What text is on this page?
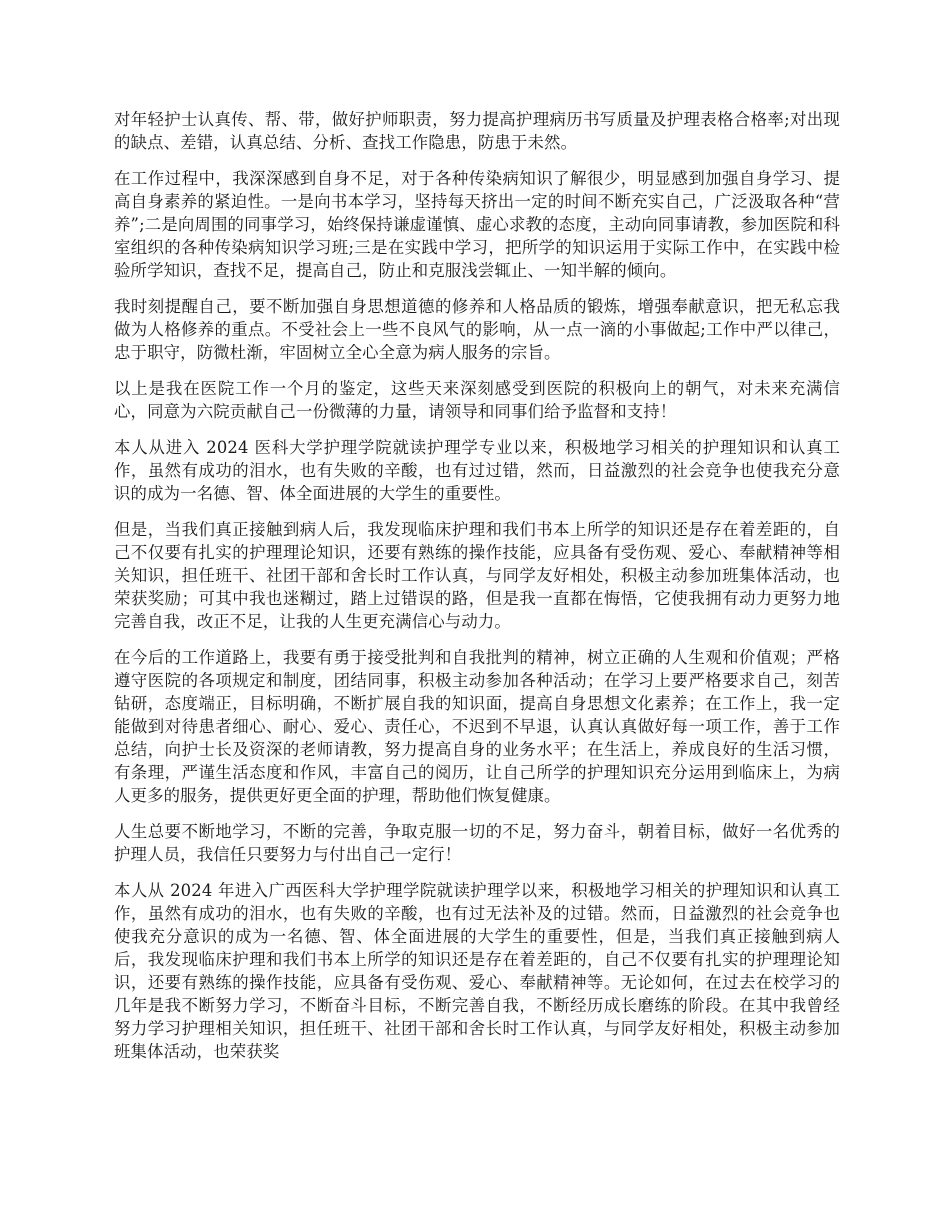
对年轻护士认真传、帮、带，做好护师职责，努力提高护理病历书写质量及护理表格合格率;对出现的缺点、差错，认真总结、分析、查找工作隐患，防患于未然。

在工作过程中，我深深感到自身不足，对于各种传染病知识了解很少，明显感到加强自身学习、提高自身素养的紧迫性。一是向书本学习，坚持每天挤出一定的时间不断充实自己，广泛汲取各种“营养”;二是向周围的同事学习，始终保持谦虚谨慎、虚心求教的态度，主动向同事请教，参加医院和科室组织的各种传染病知识学习班;三是在实践中学习，把所学的知识运用于实际工作中，在实践中检验所学知识，查找不足，提高自己，防止和克服浅尝辄止、一知半解的倾向。

我时刻提醒自己，要不断加强自身思想道德的修养和人格品质的锻炼，增强奉献意识，把无私忘我做为人格修养的重点。不受社会上一些不良风气的影响，从一点一滴的小事做起;工作中严以律己，忠于职守，防微杜渐，牢固树立全心全意为病人服务的宗旨。

以上是我在医院工作一个月的鉴定，这些天来深刻感受到医院的积极向上的朝气，对未来充满信心，同意为六院贡献自己一份微薄的力量，请领导和同事们给予监督和支持！

本人从进入 2024 医科大学护理学院就读护理学专业以来，积极地学习相关的护理知识和认真工作，虽然有成功的泪水，也有失败的辛酸，也有过过错，然而，日益激烈的社会竞争也使我充分意识的成为一名德、智、体全面进展的大学生的重要性。

但是，当我们真正接触到病人后，我发现临床护理和我们书本上所学的知识还是存在着差距的，自己不仅要有扎实的护理理论知识，还要有熟练的操作技能，应具备有受伤观、爱心、奉献精神等相关知识，担任班干、社团干部和舍长时工作认真，与同学友好相处，积极主动参加班集体活动，也荣获奖励；可其中我也迷糊过，踏上过错误的路，但是我一直都在悔悟，它使我拥有动力更努力地完善自我，改正不足，让我的人生更充满信心与动力。

在今后的工作道路上，我要有勇于接受批判和自我批判的精神，树立正确的人生观和价值观；严格遵守医院的各项规定和制度，团结同事，积极主动参加各种活动；在学习上要严格要求自己，刻苦钻研，态度端正，目标明确，不断扩展自我的知识面，提高自身思想文化素养；在工作上，我一定能做到对待患者细心、耐心、爱心、责任心，不迟到不早退，认真认真做好每一项工作，善于工作总结，向护士长及资深的老师请教，努力提高自身的业务水平；在生活上，养成良好的生活习惯，有条理，严谨生活态度和作风，丰富自己的阅历，让自己所学的护理知识充分运用到临床上，为病人更多的服务，提供更好更全面的护理，帮助他们恢复健康。

人生总要不断地学习，不断的完善，争取克服一切的不足，努力奋斗，朝着目标，做好一名优秀的护理人员，我信任只要努力与付出自己一定行！

本人从 2024 年进入广西医科大学护理学院就读护理学以来，积极地学习相关的护理知识和认真工作，虽然有成功的泪水，也有失败的辛酸，也有过无法补及的过错。然而，日益激烈的社会竞争也使我充分意识的成为一名德、智、体全面进展的大学生的重要性，但是，当我们真正接触到病人后，我发现临床护理和我们书本上所学的知识还是存在着差距的，自己不仅要有扎实的护理理论知识，还要有熟练的操作技能，应具备有受伤观、爱心、奉献精神等。无论如何，在过去在校学习的几年是我不断努力学习，不断奋斗目标，不断完善自我，不断经历成长磨练的阶段。在其中我曾经努力学习护理相关知识，担任班干、社团干部和舍长时工作认真，与同学友好相处，积极主动参加班集体活动，也荣获奖
